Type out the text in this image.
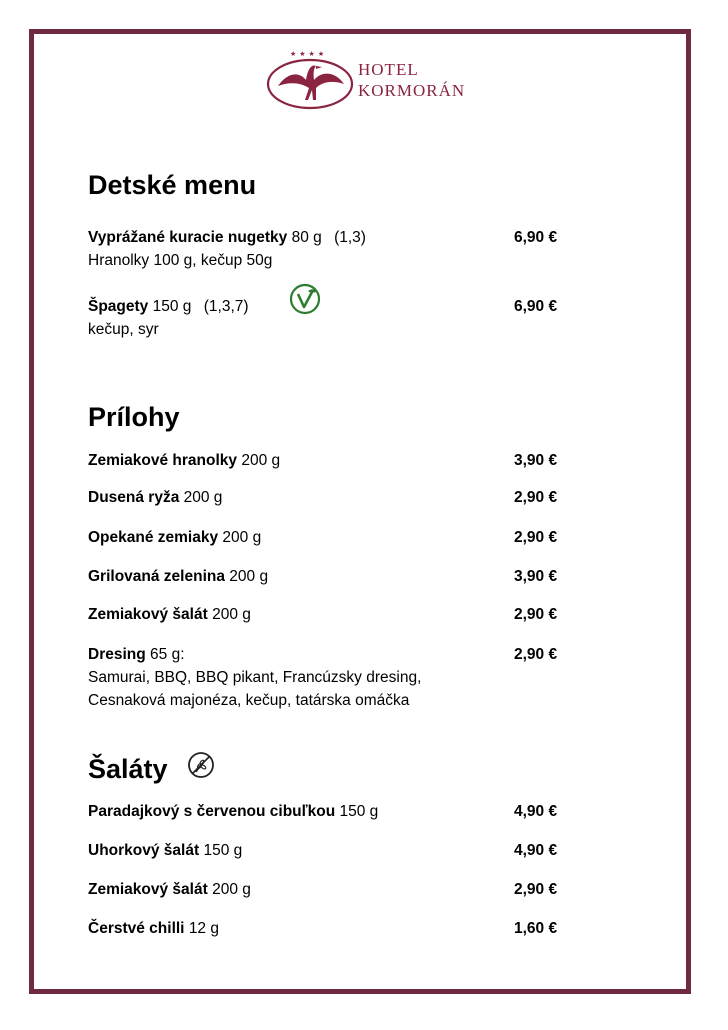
★★★★
HOTEL
KORMORÁN
Detské menu
Vyprážané kuracie nugetky 80 g (1,3)
Hranolky 100 g, kečup 50g
6,90 €
Špagety 150 g (1,3,7)
kečup, syr
6,90 €
Prílohy
Zemiakové hranolky 200 g	3,90 €
Dusená ryža 200 g	2,90 €
Opekané zemiaky 200 g	2,90 €
Grilovaná zelenina 200 g	3,90 €
Zemiakový šalát 200 g	2,90 €
Dresing 65 g:
Samurai, BBQ, BBQ pikant, Francúzsky dresing,
Cesnaková majonéza, kečup, tatárska omáčka
2,90 €
Šaláty
Paradajkový s červenou cibuľkou 150 g	4,90 €
Uhorkový šalát 150 g	4,90 €
Zemiakový šalát 200 g	2,90 €
Čerstvé chilli 12 g	1,60 €
